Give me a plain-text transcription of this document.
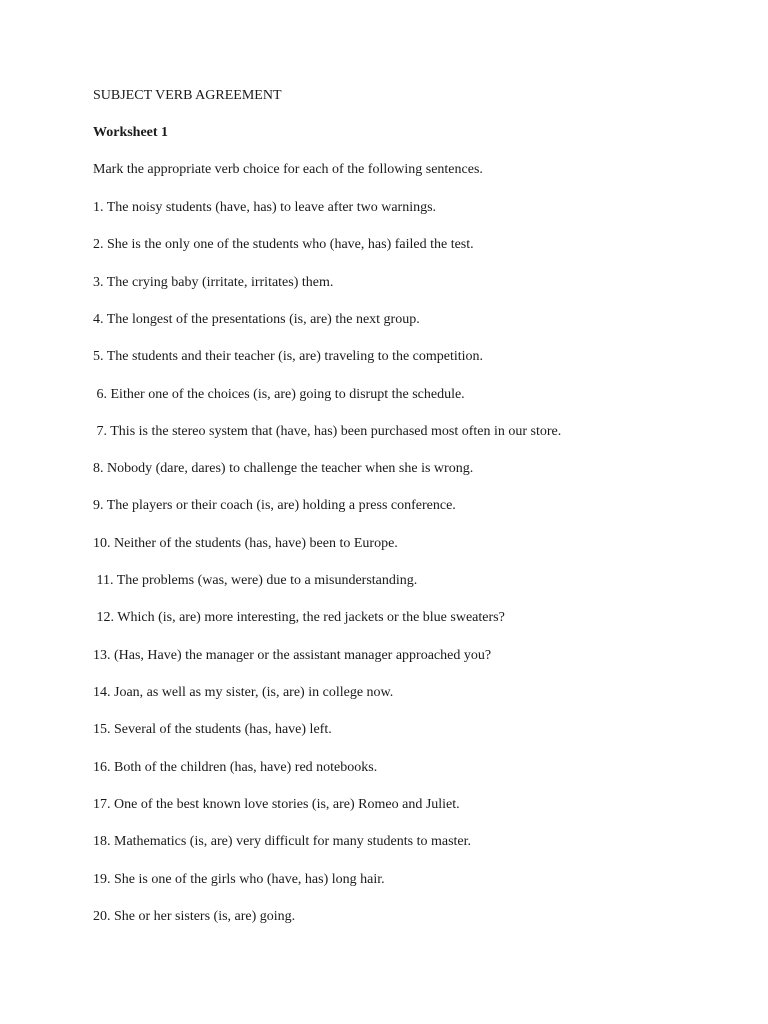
SUBJECT VERB AGREEMENT
Worksheet 1
Mark the appropriate verb choice for each of the following sentences.
1. The noisy students (have, has) to leave after two warnings.
2. She is the only one of the students who (have, has) failed the test.
3. The crying baby (irritate, irritates) them.
4. The longest of the presentations (is, are) the next group.
5. The students and their teacher (is, are) traveling to the competition.
6. Either one of the choices (is, are) going to disrupt the schedule.
7. This is the stereo system that (have, has) been purchased most often in our store.
8. Nobody (dare, dares) to challenge the teacher when she is wrong.
9. The players or their coach (is, are) holding a press conference.
10. Neither of the students (has, have) been to Europe.
11. The problems (was, were) due to a misunderstanding.
12. Which (is, are) more interesting, the red jackets or the blue sweaters?
13. (Has, Have) the manager or the assistant manager approached you?
14. Joan, as well as my sister, (is, are) in college now.
15. Several of the students (has, have) left.
16. Both of the children (has, have) red notebooks.
17. One of the best known love stories (is, are) Romeo and Juliet.
18. Mathematics (is, are) very difficult for many students to master.
19. She is one of the girls who (have, has) long hair.
20. She or her sisters (is, are) going.
